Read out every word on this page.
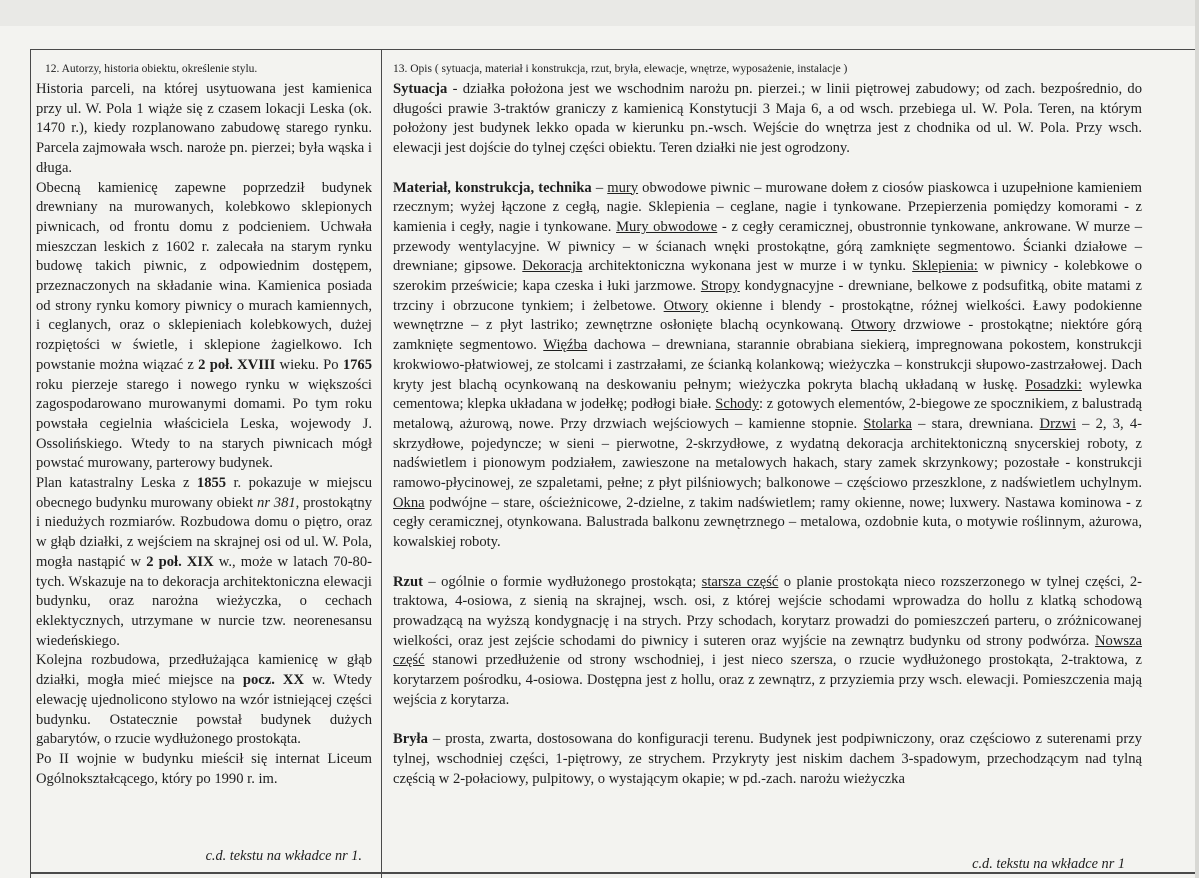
12. Autorzy, historia obiektu, określenie stylu.	13. Opis ( sytuacja, materiał i konstrukcja, rzut, bryła, elewacje, wnętrze, wyposażenie, instalacje )

Historia parceli, na której usytuowana jest kamienica przy ul. W. Pola 1 wiąże się z czasem lokacji Leska (ok. 1470 r.), kiedy rozplanowano zabudowę starego rynku. Parcela zajmowała wsch. naroże pn. pierzei; była wąska i długa.

Obecną kamienicę zapewne poprzedził budynek drewniany na murowanych, kolebkowo sklepionych piwnicach, od frontu domu z podcieniem. Uchwała mieszczan leskich z 1602 r. zalecała na starym rynku budowę takich piwnic, z odpowiednim dostępem, przeznaczonych na składanie wina. Kamienica posiada od strony rynku komory piwnicy o murach kamiennych, i ceglanych, oraz o sklepieniach kolebkowych, dużej rozpiętości w świetle, i sklepione żagielkowo. Ich powstanie można wiązać z 2 poł. XVIII wieku. Po 1765 roku pierzeje starego i nowego rynku w większości zagospodarowano murowanymi domami. Po tym roku powstała cegielnia właściciela Leska, wojewody J. Ossolińskiego. Wtedy to na starych piwnicach mógł powstać murowany, parterowy budynek.

Plan katastralny Leska z 1855 r. pokazuje w miejscu obecnego budynku murowany obiekt nr 381, prostokątny i niedużych rozmiarów. Rozbudowa domu o piętro, oraz w głąb działki, z wejściem na skrajnej osi od ul. W. Pola, mogła nastąpić w 2 poł. XIX w., może w latach 70-80-tych. Wskazuje na to dekoracja architektoniczna elewacji budynku, oraz narożna wieżyczka, o cechach eklektycznych, utrzymane w nurcie tzw. neorenesansu wiedeńskiego.

Kolejna rozbudowa, przedłużająca kamienicę w głąb działki, mogła mieć miejsce na pocz. XX w. Wtedy elewację ujednolicono stylowo na wzór istniejącej części budynku. Ostatecznie powstał budynek dużych gabarytów, o rzucie wydłużonego prostokąta.

Po II wojnie w budynku mieścił się internat Liceum Ogólnokształcącego, który po 1990 r. im.

Sytuacja - działka położona jest we wschodnim narożu pn. pierzei.; w linii piętrowej zabudowy; od zach. bezpośrednio, do długości prawie 3-traktów graniczy z kamienicą Konstytucji 3 Maja 6, a od wsch. przebiega ul. W. Pola. Teren, na którym położony jest budynek lekko opada w kierunku pn.-wsch. Wejście do wnętrza jest z chodnika od ul. W. Pola. Przy wsch. elewacji jest dojście do tylnej części obiektu. Teren działki nie jest ogrodzony.

Materiał, konstrukcja, technika – mury obwodowe piwnic – murowane dołem z ciosów piaskowca i uzupełnione kamieniem rzecznym; wyżej łączone z cegłą, nagie. Sklepienia – ceglane, nagie i tynkowane. Przepierzenia pomiędzy komorami - z kamienia i cegły, nagie i tynkowane. Mury obwodowe - z cegły ceramicznej, obustronnie tynkowane, ankrowane. W murze – przewody wentylacyjne. W piwnicy – w ścianach wnęki prostokątne, górą zamknięte segmentowo. Ścianki działowe – drewniane; gipsowe. Dekoracja architektoniczna wykonana jest w murze i w tynku. Sklepienia: w piwnicy - kolebkowe o szerokim prześwicie; kapa czeska i łuki jarzmowe. Stropy kondygnacyjne - drewniane, belkowe z podsufitką, obite matami z trzciny i obrzucone tynkiem; i żelbetowe. Otwory okienne i blendy - prostokątne, różnej wielkości. Ławy podokienne wewnętrzne – z płyt lastriko; zewnętrzne osłonięte blachą ocynkowaną. Otwory drzwiowe - prostokątne; niektóre górą zamknięte segmentowo. Więźba dachowa – drewniana, starannie obrabiana siekierą, impregnowana pokostem, konstrukcji krokwiowo-płatwiowej, ze stolcami i zastrzałami, ze ścianką kolankową; wieżyczka – konstrukcji słupowo-zastrzałowej. Dach kryty jest blachą ocynkowaną na deskowaniu pełnym; wieżyczka pokryta blachą układaną w łuskę. Posadzki: wylewka cementowa; klepka układana w jodełkę; podłogi białe. Schody: z gotowych elementów, 2-biegowe ze spocznikiem, z balustradą metalową, ażurową, nowe. Przy drzwiach wejściowych – kamienne stopnie. Stolarka – stara, drewniana. Drzwi – 2, 3, 4-skrzydłowe, pojedyncze; w sieni – pierwotne, 2-skrzydłowe, z wydatną dekoracja architektoniczną snycerskiej roboty, z nadświetlem i pionowym podziałem, zawieszone na metalowych hakach, stary zamek skrzynkowy; pozostałe - konstrukcji ramowo-płycinowej, ze szpaletami, pełne; z płyt pilśniowych; balkonowe – częściowo przeszklone, z nadświetlem uchylnym. Okna podwójne – stare, ościeżnicowe, 2-dzielne, z takim nadświetlem; ramy okienne, nowe; luxwery. Nastawa kominowa - z cegły ceramicznej, otynkowana. Balustrada balkonu zewnętrznego – metalowa, ozdobnie kuta, o motywie roślinnym, ażurowa, kowalskiej roboty.

Rzut – ogólnie o formie wydłużonego prostokąta; starsza część o planie prostokąta nieco rozszerzonego w tylnej części, 2-traktowa, 4-osiowa, z sienią na skrajnej, wsch. osi, z której wejście schodami wprowadza do hollu z klatką schodową prowadzącą na wyższą kondygnację i na strych. Przy schodach, korytarz prowadzi do pomieszczeń parteru, o zróżnicowanej wielkości, oraz jest zejście schodami do piwnicy i suteren oraz wyjście na zewnątrz budynku od strony podwórza. Nowsza część stanowi przedłużenie od strony wschodniej, i jest nieco szersza, o rzucie wydłużonego prostokąta, 2-traktowa, z korytarzem pośrodku, 4-osiowa. Dostępna jest z hollu, oraz z zewnątrz, z przyziemia przy wsch. elewacji. Pomieszczenia mają wejścia z korytarza.

Bryła – prosta, zwarta, dostosowana do konfiguracji terenu. Budynek jest podpiwniczony, oraz częściowo z suterenami przy tylnej, wschodniej części, 1-piętrowy, ze strychem. Przykryty jest niskim dachem 3-spadowym, przechodzącym nad tylną częścią w 2-połaciowy, pulpitowy, o wystającym okapie; w pd.-zach. narożu wieżyczka

c.d. tekstu na wkładce nr 1.	c.d. tekstu na wkładce nr 1
